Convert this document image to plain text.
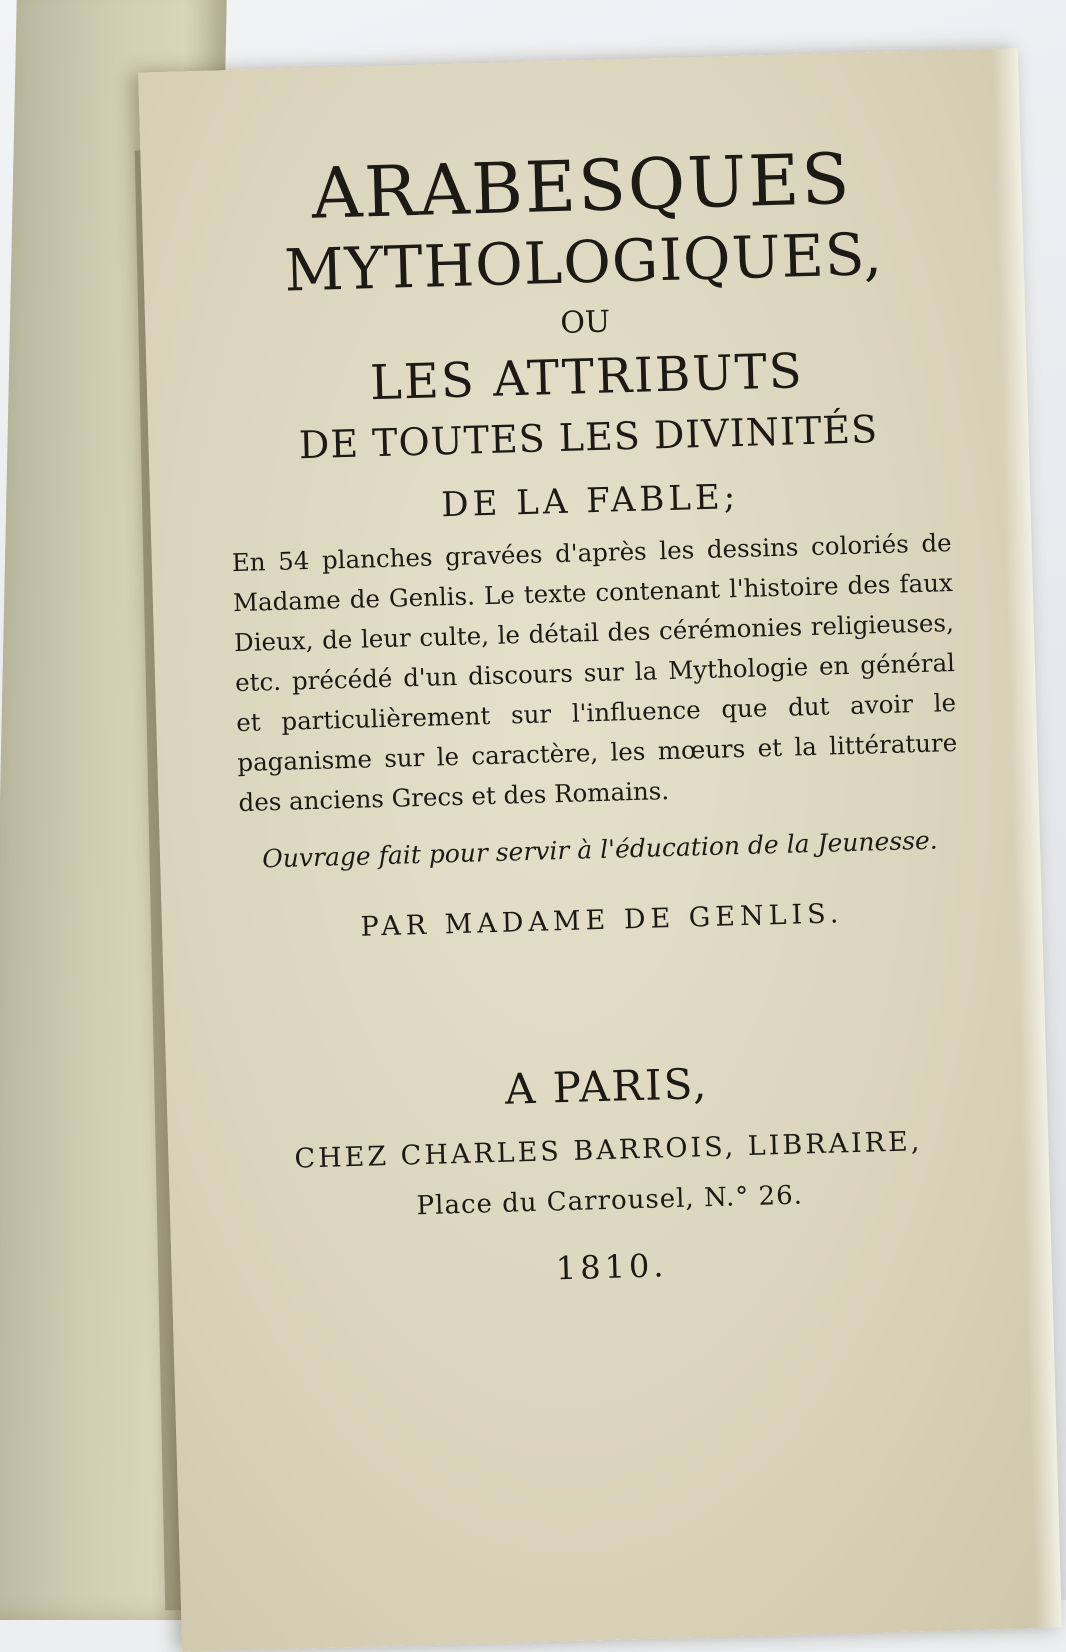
ARABESQUES
MYTHOLOGIQUES,

OU

LES ATTRIBUTS

DE TOUTES LES DIVINITÉS

DE LA FABLE;

En 54 planches gravées d'après les dessins coloriés de Madame de Genlis. Le texte contenant l'histoire des faux Dieux, de leur culte, le détail des cérémonies religieuses, etc. précédé d'un discours sur la Mythologie en général et particulièrement sur l'influence que dut avoir le paganisme sur le caractère, les mœurs et la littérature des anciens Grecs et des Romains.

Ouvrage fait pour servir à l'éducation de la Jeunesse.

PAR MADAME DE GENLIS.

A PARIS,

CHEZ CHARLES BARROIS, LIBRAIRE,

Place du Carrousel, N.° 26.

1810.
